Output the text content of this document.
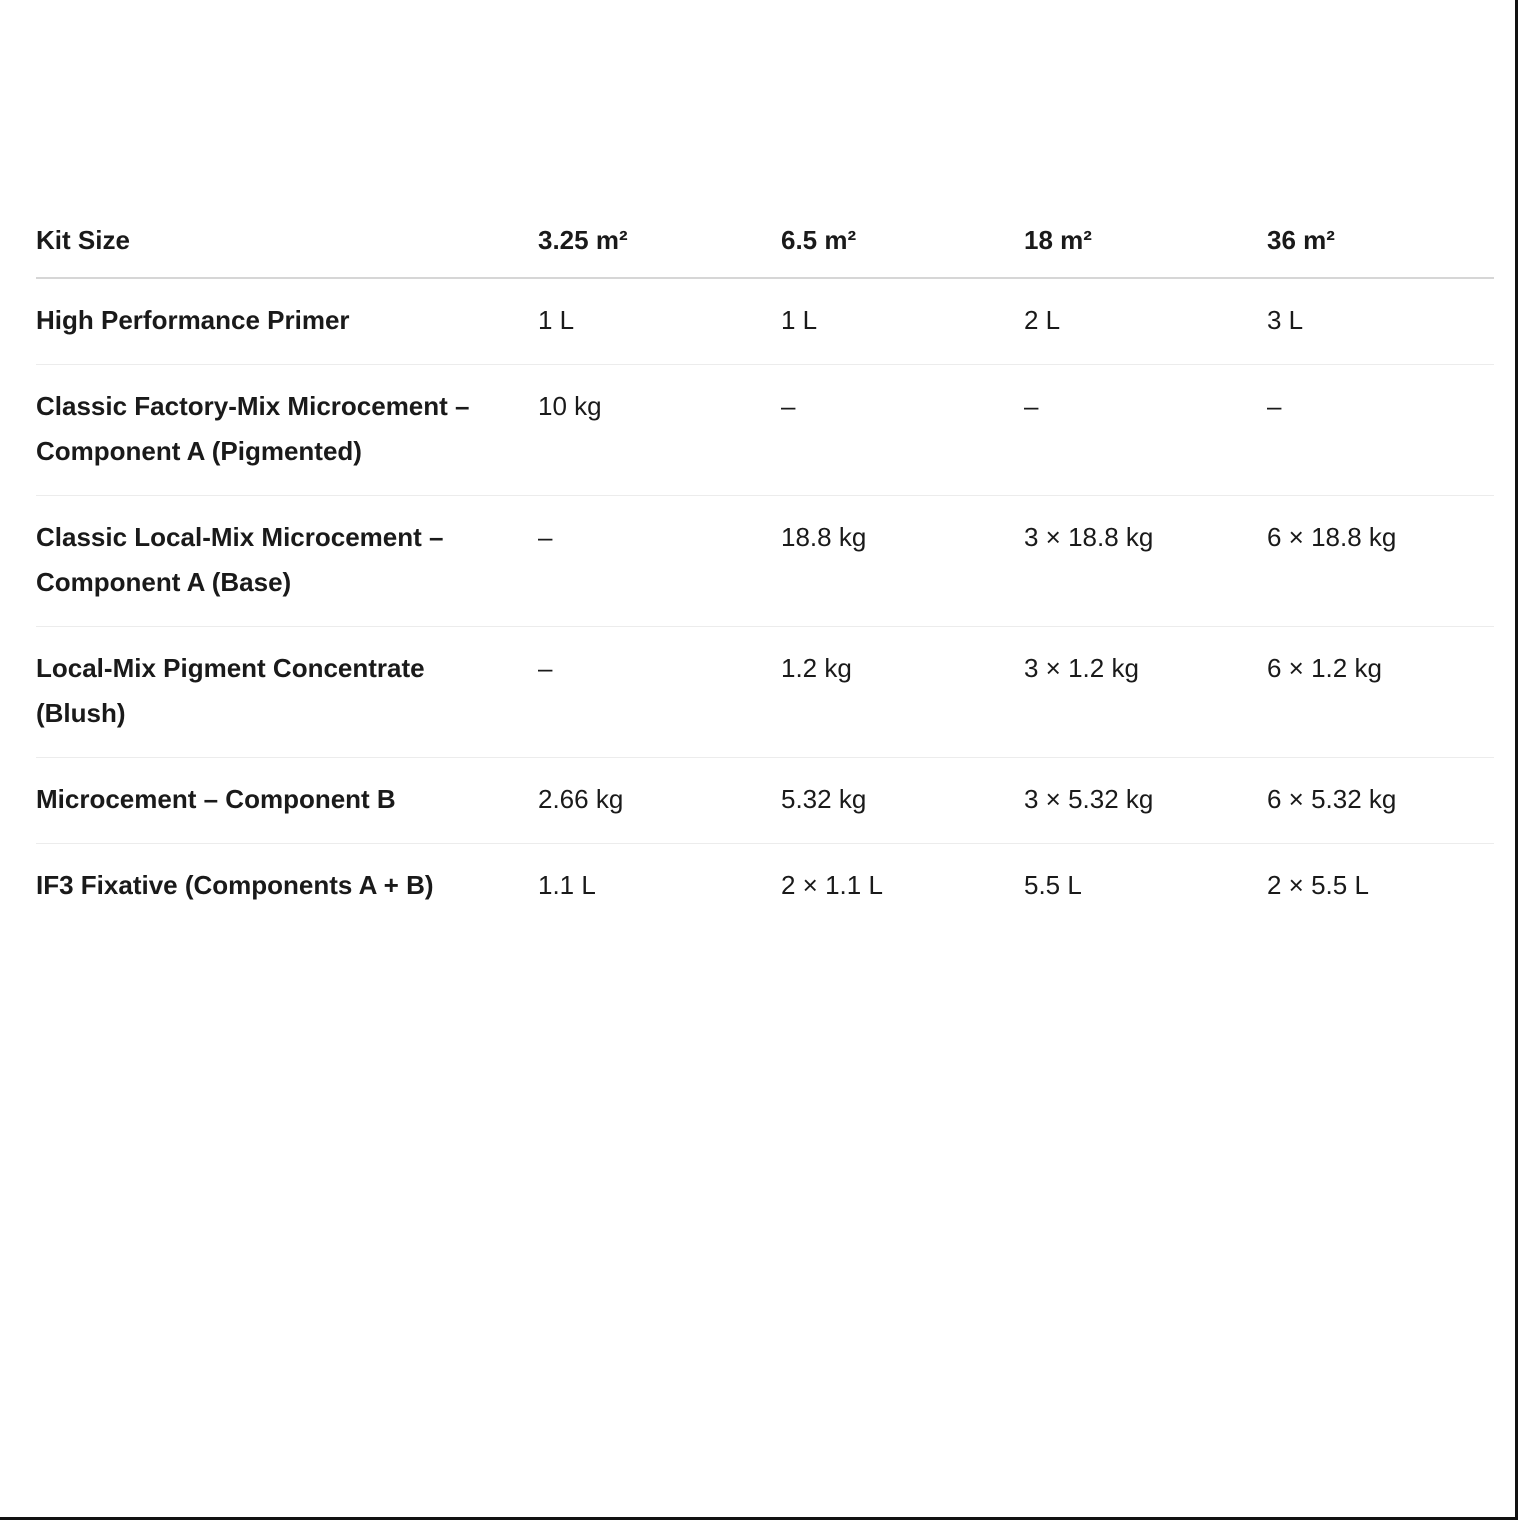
Kit Size	3.25 m²	6.5 m²	18 m²	36 m²
High Performance Primer	1 L	1 L	2 L	3 L
Classic Factory-Mix Microcement – Component A (Pigmented)	10 kg	–	–	–
Classic Local-Mix Microcement – Component A (Base)	–	18.8 kg	3 × 18.8 kg	6 × 18.8 kg
Local-Mix Pigment Concentrate (Blush)	–	1.2 kg	3 × 1.2 kg	6 × 1.2 kg
Microcement – Component B	2.66 kg	5.32 kg	3 × 5.32 kg	6 × 5.32 kg
IF3 Fixative (Components A + B)	1.1 L	2 × 1.1 L	5.5 L	2 × 5.5 L
